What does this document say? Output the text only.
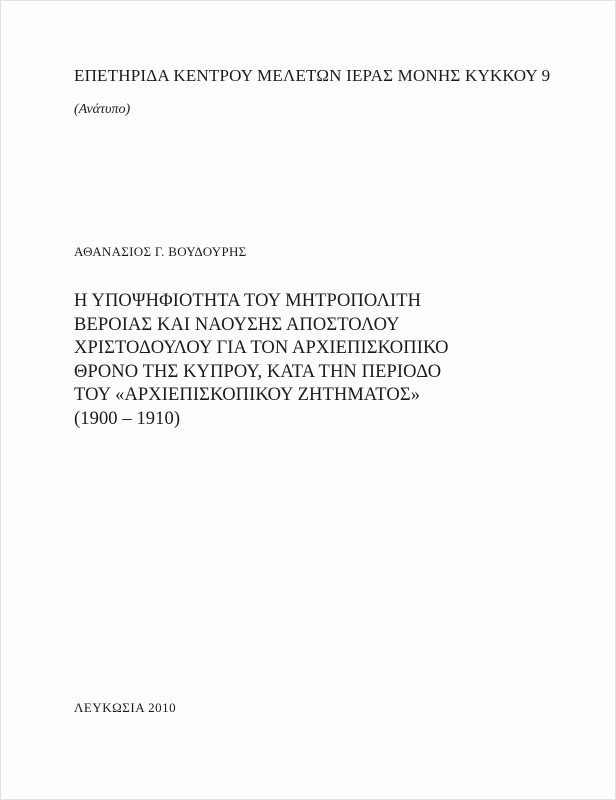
ΕΠΕΤΗΡΙΔΑ ΚΕΝΤΡΟΥ ΜΕΛΕΤΩΝ ΙΕΡΑΣ ΜΟΝΗΣ ΚΥΚΚΟΥ 9
(Ανάτυπο)
ΑΘΑΝΑΣΙΟΣ Γ. ΒΟΥΔΟΥΡΗΣ
Η ΥΠΟΨΗΦΙΟΤΗΤΑ ΤΟΥ ΜΗΤΡΟΠΟΛΙΤΗ
ΒΕΡΟΙΑΣ ΚΑΙ ΝΑΟΥΣΗΣ ΑΠΟΣΤΟΛΟΥ
ΧΡΙΣΤΟΔΟΥΛΟΥ ΓΙΑ ΤΟΝ ΑΡΧΙΕΠΙΣΚΟΠΙΚΟ
ΘΡΟΝΟ ΤΗΣ ΚΥΠΡΟΥ, ΚΑΤΑ ΤΗΝ ΠΕΡΙΟΔΟ
ΤΟΥ «ΑΡΧΙΕΠΙΣΚΟΠΙΚΟΥ ΖΗΤΗΜΑΤΟΣ»
(1900 – 1910)
ΛΕΥΚΩΣΙΑ 2010
